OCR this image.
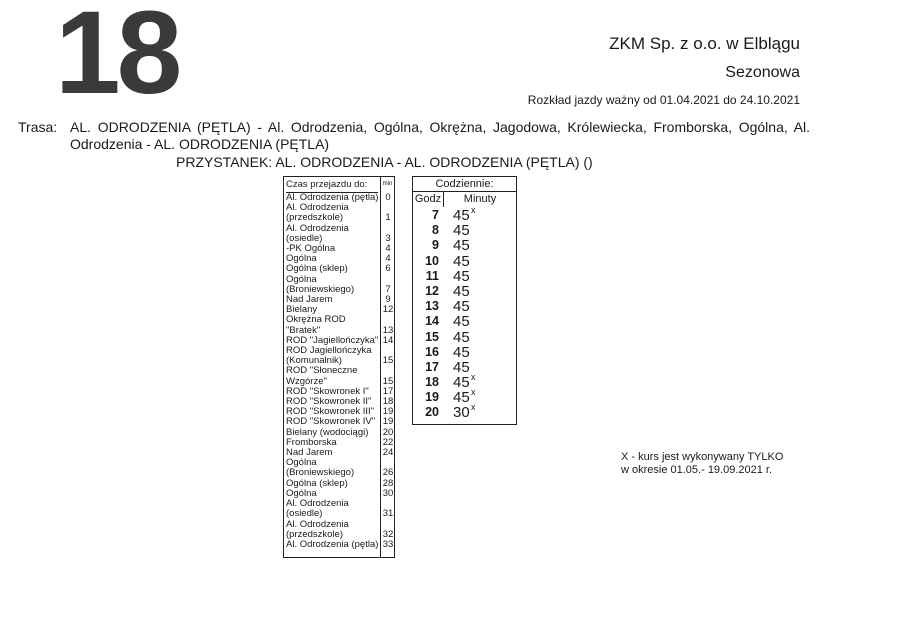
18	ZKM Sp. z o.o. w Elblągu
Sezonowa
Rozkład jazdy ważny od 01.04.2021 do 24.10.2021
Trasa: AL. ODRODZENIA (PĘTLA) - Al. Odrodzenia, Ogólna, Okrężna, Jagodowa, Królewiecka, Fromborska, Ogólna, Al. Odrodzenia - AL. ODRODZENIA (PĘTLA)
PRZYSTANEK: AL. ODRODZENIA - AL. ODRODZENIA (PĘTLA) ()
Czas przejazdu do:	min
Al. Odrodzenia (pętla) 0
Al. Odrodzenia (przedszkole)	1
Al. Odrodzenia (osiedle)	3
-PK Ogólna	4
Ogólna	4
Ogólna (sklep)	6
Ogólna (Broniewskiego)	7
Nad Jarem	9
Bielany	12
Okrężna ROD "Bratek"	13
ROD "Jagiellończyka" 14
ROD Jagiellończyka (Komunalnik)	15
ROD "Słoneczne Wzgórze"	15
ROD "Skowronek I"	17
ROD "Skowronek II"	18
ROD "Skowronek III" 19
ROD "Skowronek IV" 19
Bielany (wodociągi)	20
Fromborska	22
Nad Jarem	24
Ogólna (Broniewskiego)	26
Ogólna (sklep)	28
Ogólna	30
Al. Odrodzenia (osiedle)	31
Al. Odrodzenia (przedszkole)	32
Al. Odrodzenia (pętla) 33
Codziennie:
Godz	Minuty
7 45 x
8 45
9 45
10 45
11 45
12 45
13 45
14 45
15 45
16 45
17 45
18 45 x
19 45 x
20 30 x
X - kurs jest wykonywany TYLKO
w okresie 01.05.- 19.09.2021 r.
